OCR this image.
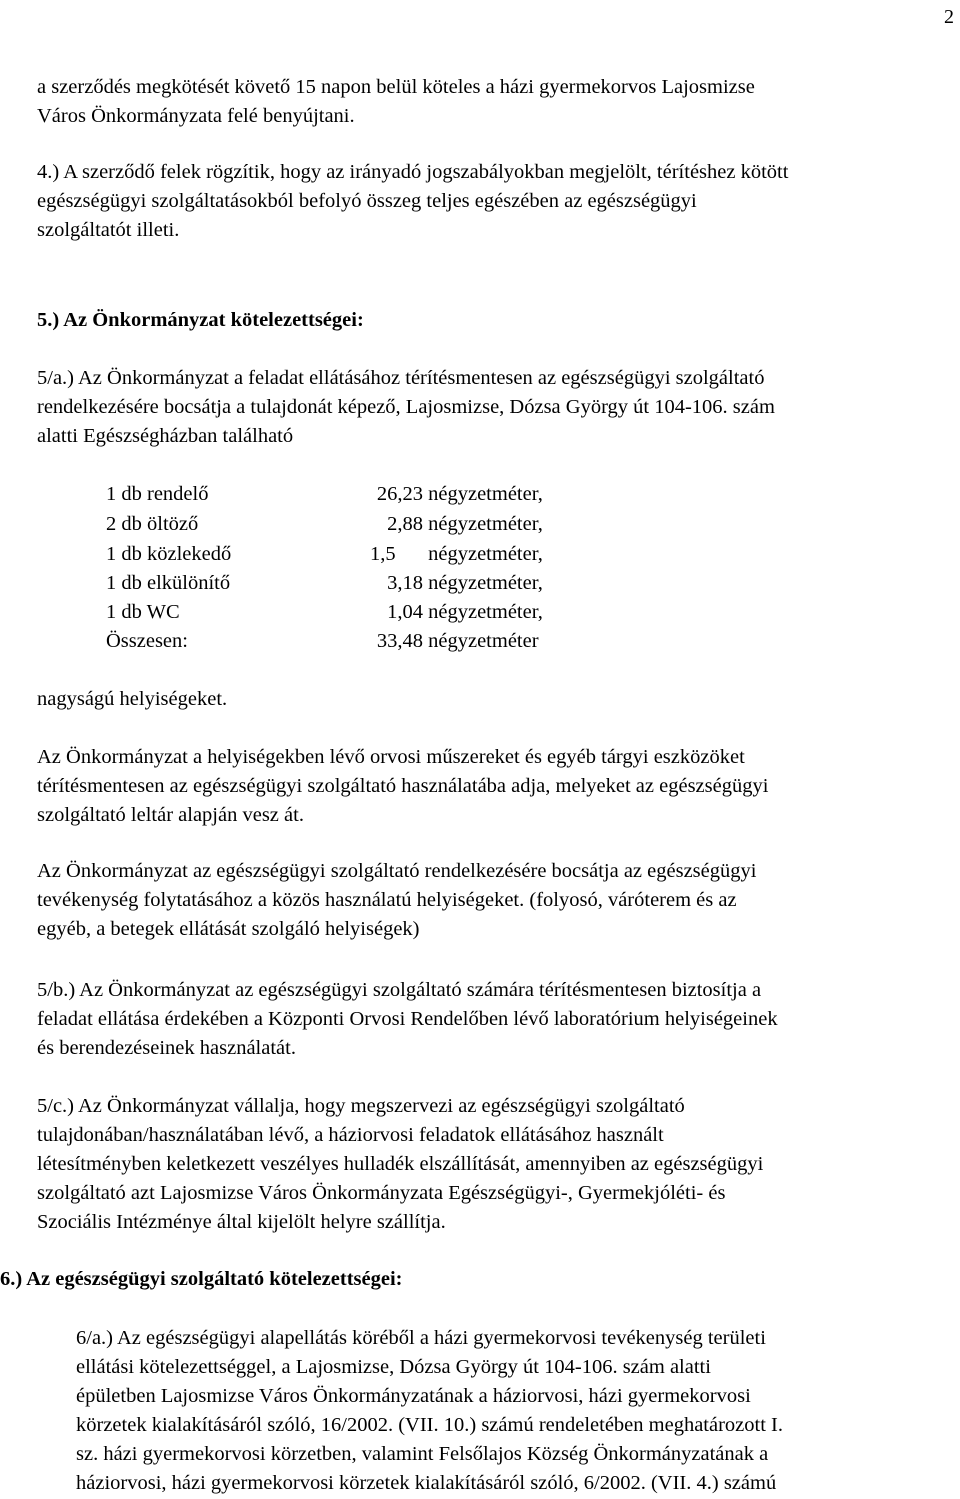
2
a szerződés megkötését követő 15 napon belül köteles a házi gyermekorvos Lajosmizse
Város Önkormányzata felé benyújtani.
4.) A szerződő felek rögzítik, hogy az irányadó jogszabályokban megjelölt, térítéshez kötött
egészségügyi szolgáltatásokból befolyó összeg teljes egészében az egészségügyi
szolgáltatót illeti.
5.) Az Önkormányzat kötelezettségei:
5/a.) Az Önkormányzat a feladat ellátásához térítésmentesen az egészségügyi szolgáltató
rendelkezésére bocsátja a tulajdonát képező, Lajosmizse, Dózsa György út 104-106. szám
alatti Egészségházban található
1 db rendelő	26,23 négyzetméter,
2 db öltöző	2,88 négyzetméter,
1 db közlekedő	1,5 négyzetméter,
1 db elkülönítő	3,18 négyzetméter,
1 db WC	1,04 négyzetméter,
Összesen:	33,48 négyzetméter
nagyságú helyiségeket.
Az Önkormányzat a helyiségekben lévő orvosi műszereket és egyéb tárgyi eszközöket
térítésmentesen az egészségügyi szolgáltató használatába adja, melyeket az egészségügyi
szolgáltató leltár alapján vesz át.
Az Önkormányzat az egészségügyi szolgáltató rendelkezésére bocsátja az egészségügyi
tevékenység folytatásához a közös használatú helyiségeket. (folyosó, váróterem és az
egyéb, a betegek ellátását szolgáló helyiségek)
5/b.) Az Önkormányzat az egészségügyi szolgáltató számára térítésmentesen biztosítja a
feladat ellátása érdekében a Központi Orvosi Rendelőben lévő laboratórium helyiségeinek
és berendezéseinek használatát.
5/c.) Az Önkormányzat vállalja, hogy megszervezi az egészségügyi szolgáltató
tulajdonában/használatában lévő, a háziorvosi feladatok ellátásához használt
létesítményben keletkezett veszélyes hulladék elszállítását, amennyiben az egészségügyi
szolgáltató azt Lajosmizse Város Önkormányzata Egészségügyi-, Gyermekjóléti- és
Szociális Intézménye által kijelölt helyre szállítja.
6.) Az egészségügyi szolgáltató kötelezettségei:
6/a.) Az egészségügyi alapellátás köréből a házi gyermekorvosi tevékenység területi
ellátási kötelezettséggel, a Lajosmizse, Dózsa György út 104-106. szám alatti
épületben Lajosmizse Város Önkormányzatának a háziorvosi, házi gyermekorvosi
körzetek kialakításáról szóló, 16/2002. (VII. 10.) számú rendeletében meghatározott I.
sz. házi gyermekorvosi körzetben, valamint Felsőlajos Község Önkormányzatának a
háziorvosi, házi gyermekorvosi körzetek kialakításáról szóló, 6/2002. (VII. 4.) számú
